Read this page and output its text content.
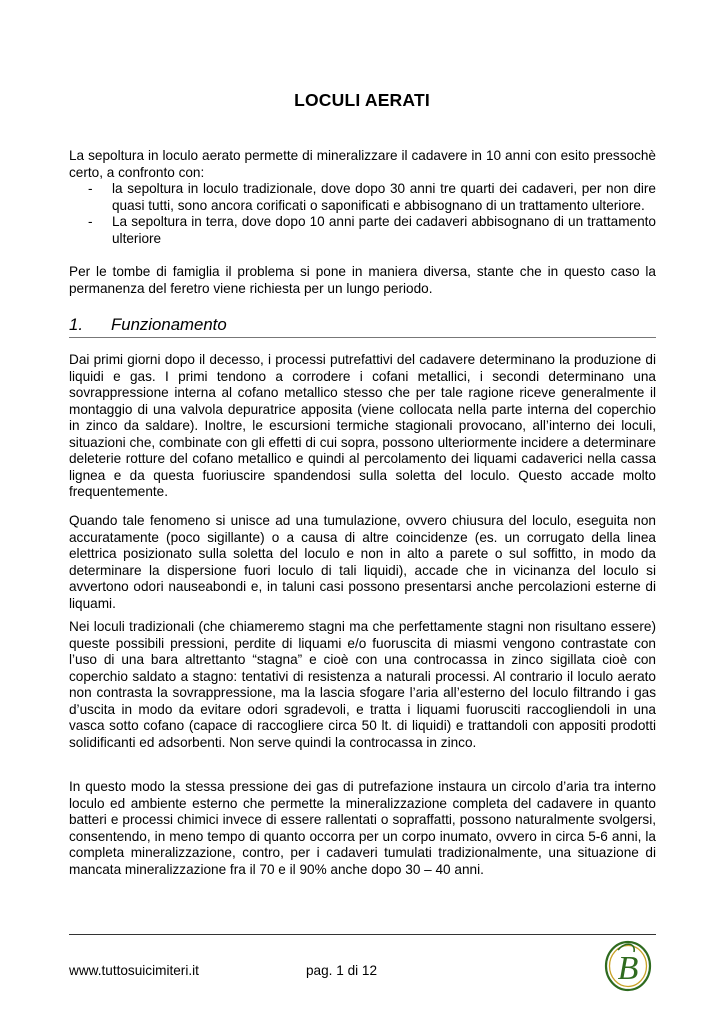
LOCULI AERATI
La sepoltura in loculo aerato permette di mineralizzare il cadavere in 10 anni con esito pressochè certo, a confronto con:
- la sepoltura in loculo tradizionale, dove dopo 30 anni tre quarti dei cadaveri, per non dire quasi tutti, sono ancora corificati o saponificati e abbisognano di un trattamento ulteriore.
- La sepoltura in terra, dove dopo 10 anni parte dei cadaveri abbisognano di un trattamento ulteriore
Per le tombe di famiglia il problema si pone in maniera diversa, stante che in questo caso la permanenza del feretro viene richiesta per un lungo periodo.
1. Funzionamento
Dai primi giorni dopo il decesso, i processi putrefattivi del cadavere determinano la produzione di liquidi e gas. I primi tendono a corrodere i cofani metallici, i secondi determinano una sovrappressione interna al cofano metallico stesso che per tale ragione riceve generalmente il montaggio di una valvola depuratrice apposita (viene collocata nella parte interna del coperchio in zinco da saldare). Inoltre, le escursioni termiche stagionali provocano, all’interno dei loculi, situazioni che, combinate con gli effetti di cui sopra, possono ulteriormente incidere a determinare deleterie rotture del cofano metallico e quindi al percolamento dei liquami cadaverici nella cassa lignea e da questa fuoriuscire spandendosi sulla soletta del loculo. Questo accade molto frequentemente.
Quando tale fenomeno si unisce ad una tumulazione, ovvero chiusura del loculo, eseguita non accuratamente (poco sigillante) o a causa di altre coincidenze (es. un corrugato della linea elettrica posizionato sulla soletta del loculo e non in alto a parete o sul soffitto, in modo da determinare la dispersione fuori loculo di tali liquidi), accade che in vicinanza del loculo si avvertono odori nauseabondi e, in taluni casi possono presentarsi anche percolazioni esterne di liquami.
Nei loculi tradizionali (che chiameremo stagni ma che perfettamente stagni non risultano essere) queste possibili pressioni, perdite di liquami e/o fuoruscita di miasmi vengono contrastate con l’uso di una bara altrettanto “stagna” e cioè con una controcassa in zinco sigillata cioè con coperchio saldato a stagno: tentativi di resistenza a naturali processi. Al contrario il loculo aerato non contrasta la sovrappressione, ma la lascia sfogare l’aria all’esterno del loculo filtrando i gas d’uscita in modo da evitare odori sgradevoli, e tratta i liquami fuorusciti raccogliendoli in una vasca sotto cofano (capace di raccogliere circa 50 lt. di liquidi) e trattandoli con appositi prodotti solidificanti ed adsorbenti. Non serve quindi la controcassa in zinco.
In questo modo la stessa pressione dei gas di putrefazione instaura un circolo d’aria tra interno loculo ed ambiente esterno che permette la mineralizzazione completa del cadavere in quanto batteri e processi chimici invece di essere rallentati o sopraffatti, possono naturalmente svolgersi, consentendo, in meno tempo di quanto occorra per un corpo inumato, ovvero in circa 5-6 anni, la completa mineralizzazione, contro, per i cadaveri tumulati tradizionalmente, una situazione di mancata mineralizzazione fra il 70 e il 90% anche dopo 30 – 40 anni.
www.tuttosuicimiteri.it	pag. 1 di 12	B
